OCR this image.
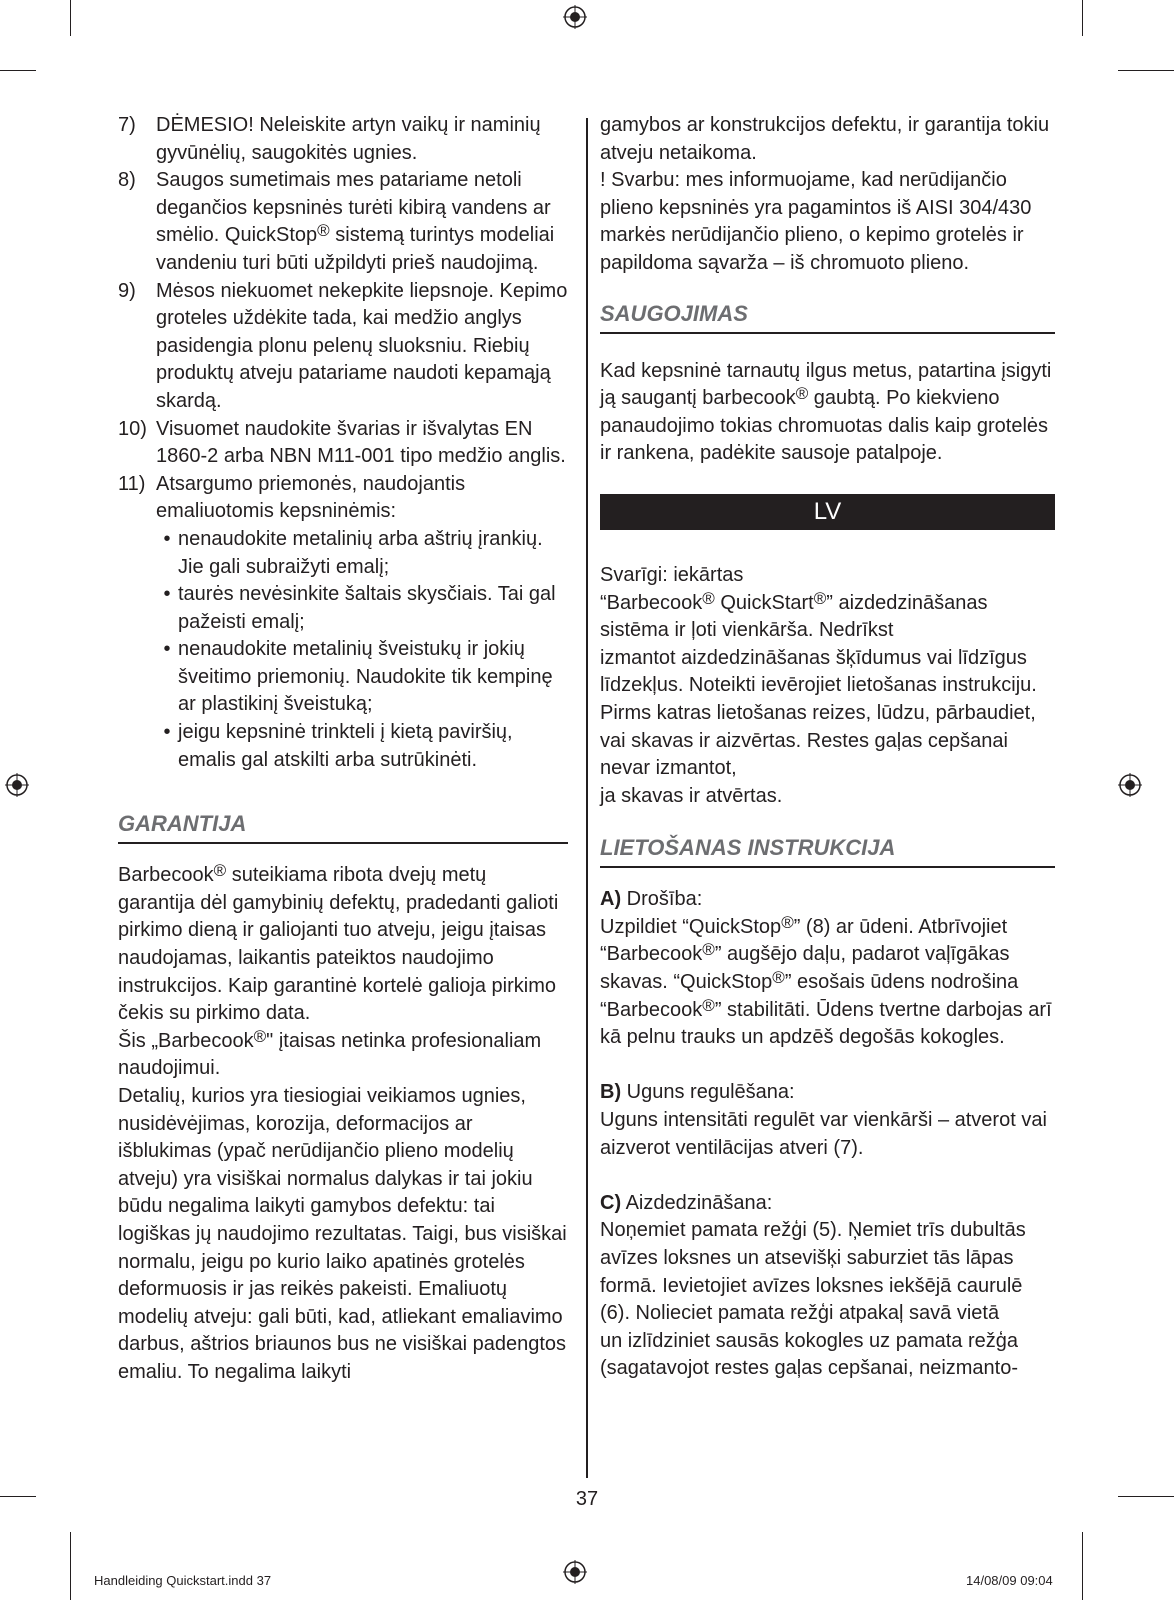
7)	DĖMESIO! Neleiskite artyn vaikų ir naminių gyvūnėlių, saugokitės ugnies.
8)	Saugos sumetimais mes patariame netoli degančios kepsninės turėti kibirą vandens ar smėlio. QuickStop® sistemą turintys modeliai vandeniu turi būti užpildyti prieš naudojimą.
9)	Mėsos niekuomet nekepkite liepsnoje. Kepimo groteles uždėkite tada, kai medžio anglys pasidengia plonu pelenų sluoksniu. Riebių produktų atveju patariame naudoti kepamąją skardą.
10) Visuomet naudokite švarias ir išvalytas EN 1860-2 arba NBN M11-001 tipo medžio anglis.
11) Atsargumo priemonės, naudojantis emaliuotomis kepsninėmis:
• nenaudokite metalinių arba aštrių įrankių. Jie gali subraižyti emalį;
• taurės nevėsinkite šaltais skysčiais. Tai gal pažeisti emalį;
• nenaudokite metalinių šveistukų ir jokių šveitimo priemonių. Naudokite tik kempinę ar plastikinį šveistuką;
• jeigu kepsninė trinkteli į kietą paviršių, emalis gal atskilti arba sutrūkinėti.
GARANTIJA

Barbecook® suteikiama ribota dvejų metų garantija dėl gamybinių defektų, pradedanti galioti pirkimo dieną ir galiojanti tuo atveju, jeigu įtaisas naudojamas, laikantis pateiktos naudojimo instrukcijos. Kaip garantinė kortelė galioja pirkimo čekis su pirkimo data.

Šis „Barbecook®" įtaisas netinka profesionaliam naudojimui.

Detalių, kurios yra tiesiogiai veikiamos ugnies, nusidėvėjimas, korozija, deformacijos ar išblukimas (ypač nerūdijančio plieno modelių atveju) yra visiškai normalus dalykas ir tai jokiu būdu negalima laikyti gamybos defektu: tai logiškas jų naudojimo rezultatas. Taigi, bus visiškai normalu, jeigu po kurio laiko apatinės grotelės deformuosis ir jas reikės pakeisti. Emaliuotų modelių atveju: gali būti, kad, atliekant emaliavimo darbus, aštrios briaunos bus ne visiškai padengtos emaliu. To negalima laikyti

gamybos ar konstrukcijos defektu, ir garantija tokiu atveju netaikoma.

! Svarbu: mes informuojame, kad nerūdijančio plieno kepsninės yra pagamintos iš AISI 304/430 markės nerūdijančio plieno, o kepimo grotelės ir papildoma sąvarža – iš chromuoto plieno.

SAUGOJIMAS

Kad kepsninė tarnautų ilgus metus, patartina įsigyti ją saugantį barbecook® gaubtą. Po kiekvieno panaudojimo tokias chromuotas dalis kaip grotelės ir rankena, padėkite sausoje patalpoje.

LV

Svarīgi: iekārtas

“Barbecook® QuickStart®” aizdedzināšanas sistēma ir ļoti vienkārša. Nedrīkst

izmantot aizdedzināšanas šķīdumus vai līdzīgus līdzekļus. Noteikti ievērojiet lietošanas instrukciju.

Pirms katras lietošanas reizes, lūdzu, pārbaudiet, vai skavas ir aizvērtas. Restes gaļas cepšanai nevar izmantot,

ja skavas ir atvērtas.

LIETOŠANAS INSTRUKCIJA

A) Drošība:

Uzpildiet “QuickStop®” (8) ar ūdeni. Atbrīvojiet “Barbecook®” augšējo daļu, padarot vaļīgākas skavas. “QuickStop®” esošais ūdens nodrošina “Barbecook®” stabilitāti. Ūdens tvertne darbojas arī kā pelnu trauks un apdzēš degošās kokogles.

B) Uguns regulēšana:

Uguns intensitāti regulēt var vienkārši – atverot vai aizverot ventilācijas atveri (7).

C) Aizdedzināšana:

Noņemiet pamata režģi (5). Ņemiet trīs dubultās avīzes loksnes un atsevišķi saburziet tās lāpas formā. Ievietojiet avīzes loksnes iekšējā caurulē (6). Nolieciet pamata režģi atpakaļ savā vietā

un izlīdziniet sausās kokogles uz pamata režģa (sagatavojot restes gaļas cepšanai, neizmanto-

37
Handleiding Quickstart.indd 37	14/08/09 09:04
